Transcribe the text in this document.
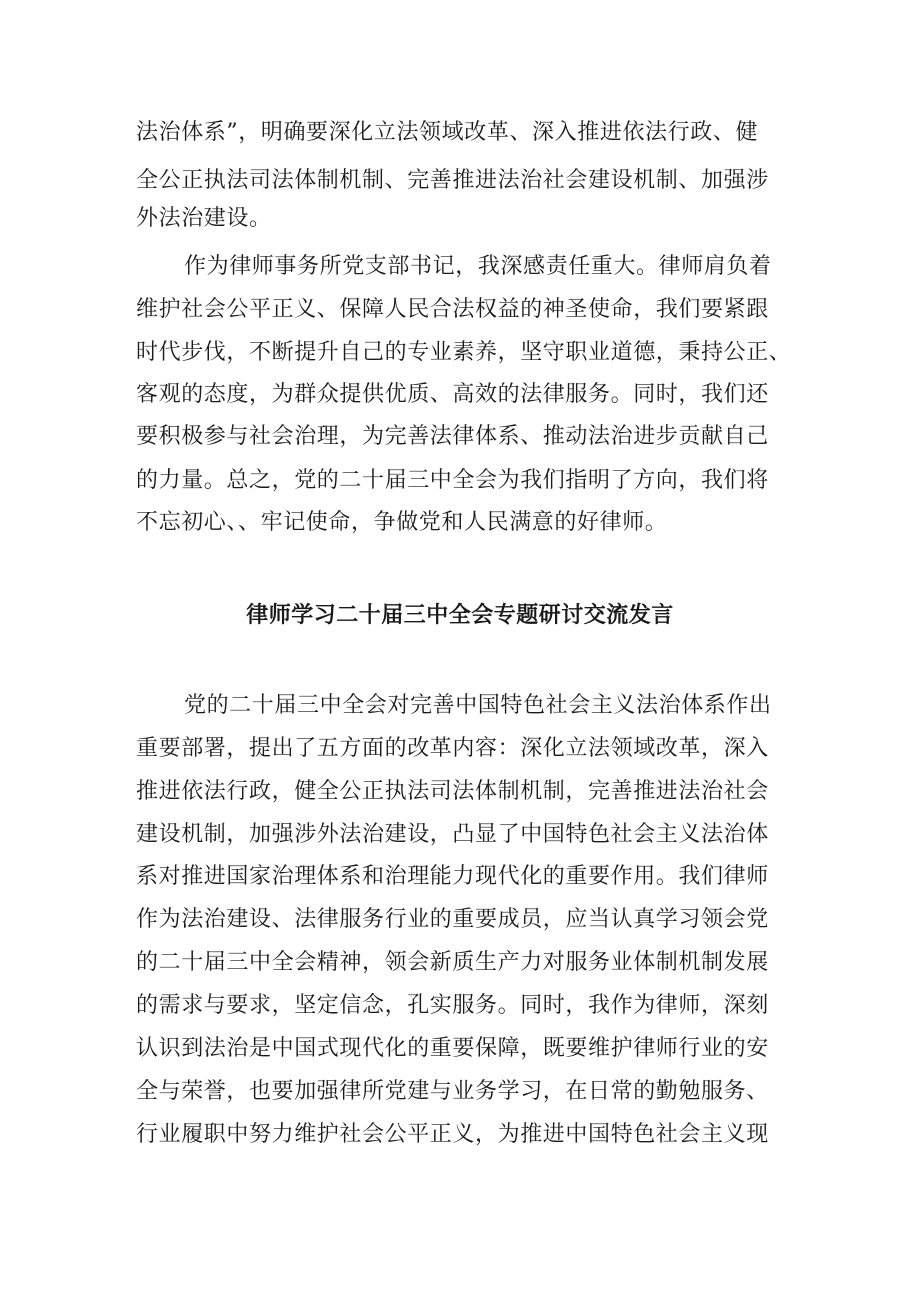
法治体系”，明确要深化立法领域改革、深入推进依法行政、健
全公正执法司法体制机制、完善推进法治社会建设机制、加强涉
外法治建设。
作为律师事务所党支部书记，我深感责任重大。律师肩负着
维护社会公平正义、保障人民合法权益的神圣使命，我们要紧跟
时代步伐，不断提升自己的专业素养，坚守职业道德，秉持公正、
客观的态度，为群众提供优质、高效的法律服务。同时，我们还
要积极参与社会治理，为完善法律体系、推动法治进步贡献自己
的力量。总之，党的二十届三中全会为我们指明了方向，我们将
不忘初心、、牢记使命，争做党和人民满意的好律师。
律师学习二十届三中全会专题研讨交流发言
党的二十届三中全会对完善中国特色社会主义法治体系作出
重要部署，提出了五方面的改革内容：深化立法领域改革，深入
推进依法行政，健全公正执法司法体制机制，完善推进法治社会
建设机制，加强涉外法治建设，凸显了中国特色社会主义法治体
系对推进国家治理体系和治理能力现代化的重要作用。我们律师
作为法治建设、法律服务行业的重要成员，应当认真学习领会党
的二十届三中全会精神，领会新质生产力对服务业体制机制发展
的需求与要求，坚定信念，孔实服务。同时，我作为律师，深刻
认识到法治是中国式现代化的重要保障，既要维护律师行业的安
全与荣誉，也要加强律所党建与业务学习，在日常的勤勉服务、
行业履职中努力维护社会公平正义，为推进中国特色社会主义现
